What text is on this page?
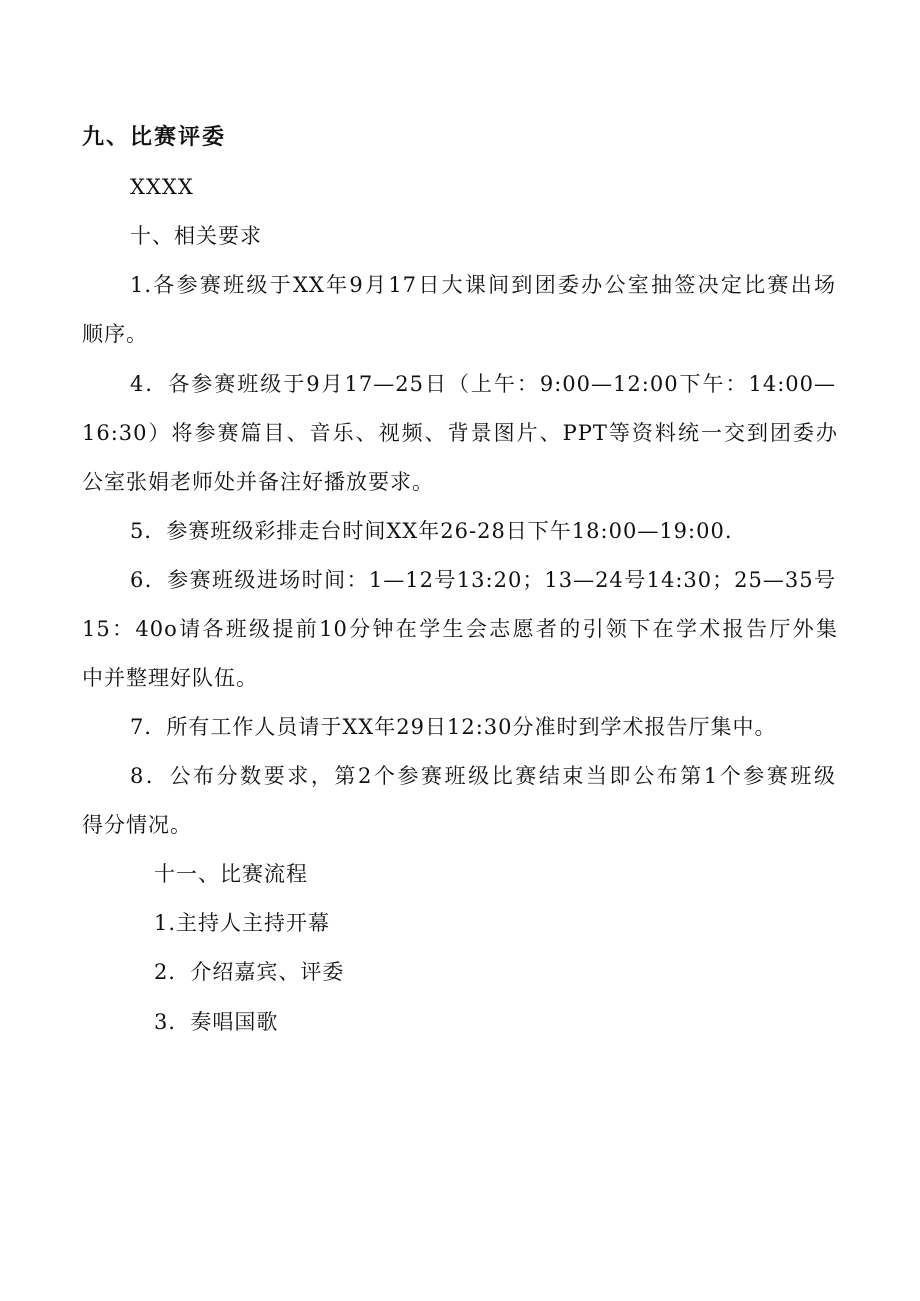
九、比赛评委
XXXX
十、相关要求
1.各参赛班级于XX年9月17日大课间到团委办公室抽签决定比赛出场
顺序。
4．各参赛班级于9月17—25日（上午：9:00—12:00下午：14:00—
16:30）将参赛篇目、音乐、视频、背景图片、PPT等资料统一交到团委办
公室张娟老师处并备注好播放要求。
5．参赛班级彩排走台时间XX年26-28日下午18:00—19:00.
6．参赛班级进场时间：1—12号13:20；13—24号14:30；25—35号
15：40o请各班级提前10分钟在学生会志愿者的引领下在学术报告厅外集
中并整理好队伍。
7．所有工作人员请于XX年29日12:30分准时到学术报告厅集中。
8．公布分数要求，第2个参赛班级比赛结束当即公布第1个参赛班级
得分情况。
十一、比赛流程
1.主持人主持开幕
2．介绍嘉宾、评委
3．奏唱国歌
